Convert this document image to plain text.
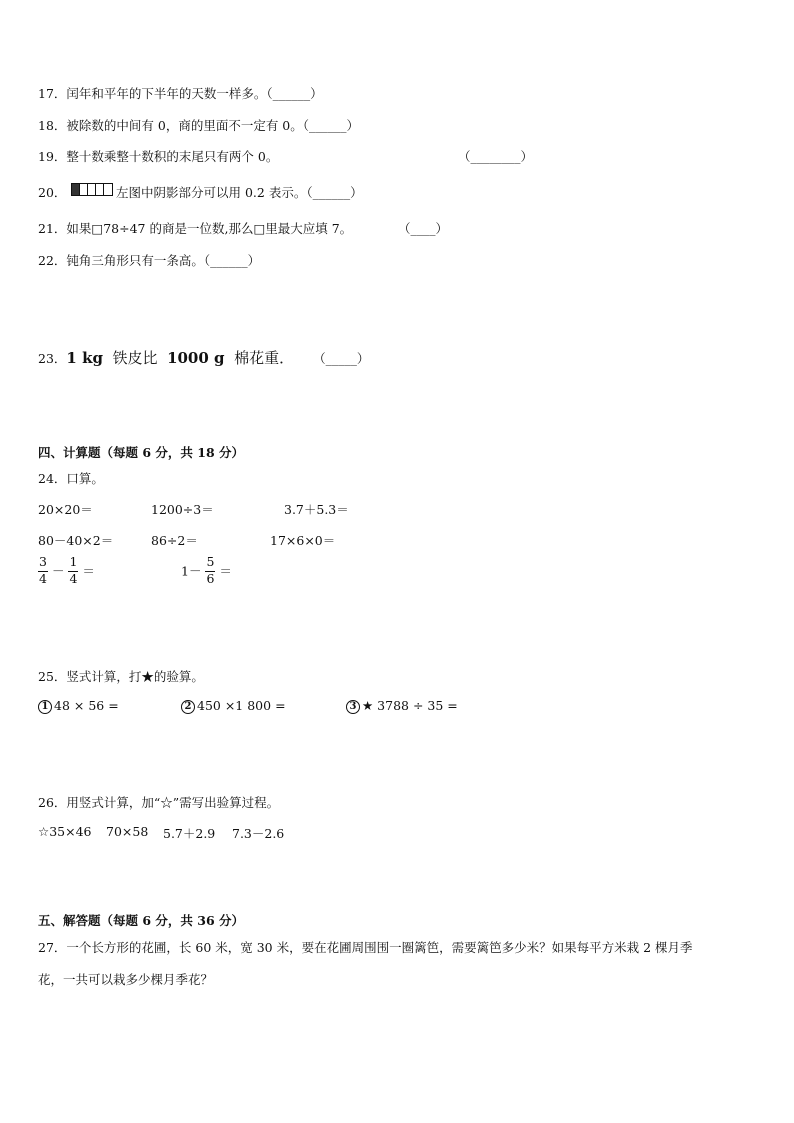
17．闰年和平年的下半年的天数一样多。（______）
18．被除数的中间有 0，商的里面不一定有 0。（______）
19．整十数乘整十数积的末尾只有两个 0。	（________）
20．	左图中阴影部分可以用 0.2 表示。（______）
21．如果□78÷47 的商是一位数,那么□里最大应填 7。	（____）
22．钝角三角形只有一条高。（______）
23．1 kg 铁皮比 1000 g 棉花重． （_____）
四、计算题（每题 6 分，共 18 分）
24．口算。
20×20＝	1200÷3＝	3.7＋5.3＝
80－40×2＝	86÷2＝	17×6×0＝
$\frac{3}{4} - \frac{1}{4}$ ＝	$1- \frac{5}{6}$ ＝
25．竖式计算，打★的验算。
1 48 × 56 =	2 450 ×1 800 =	3 ★ 3788 ÷ 35 =
26．用竖式计算，加“☆”需写出验算过程。
☆35×46 70×58 5.7＋2.9 7.3－2.6
五、解答题（每题 6 分，共 36 分）
27．一个长方形的花圃，长 60 米，宽 30 米，要在花圃周围围一圈篱笆，需要篱笆多少米？如果每平方米栽 2 棵月季
花，一共可以栽多少棵月季花？
